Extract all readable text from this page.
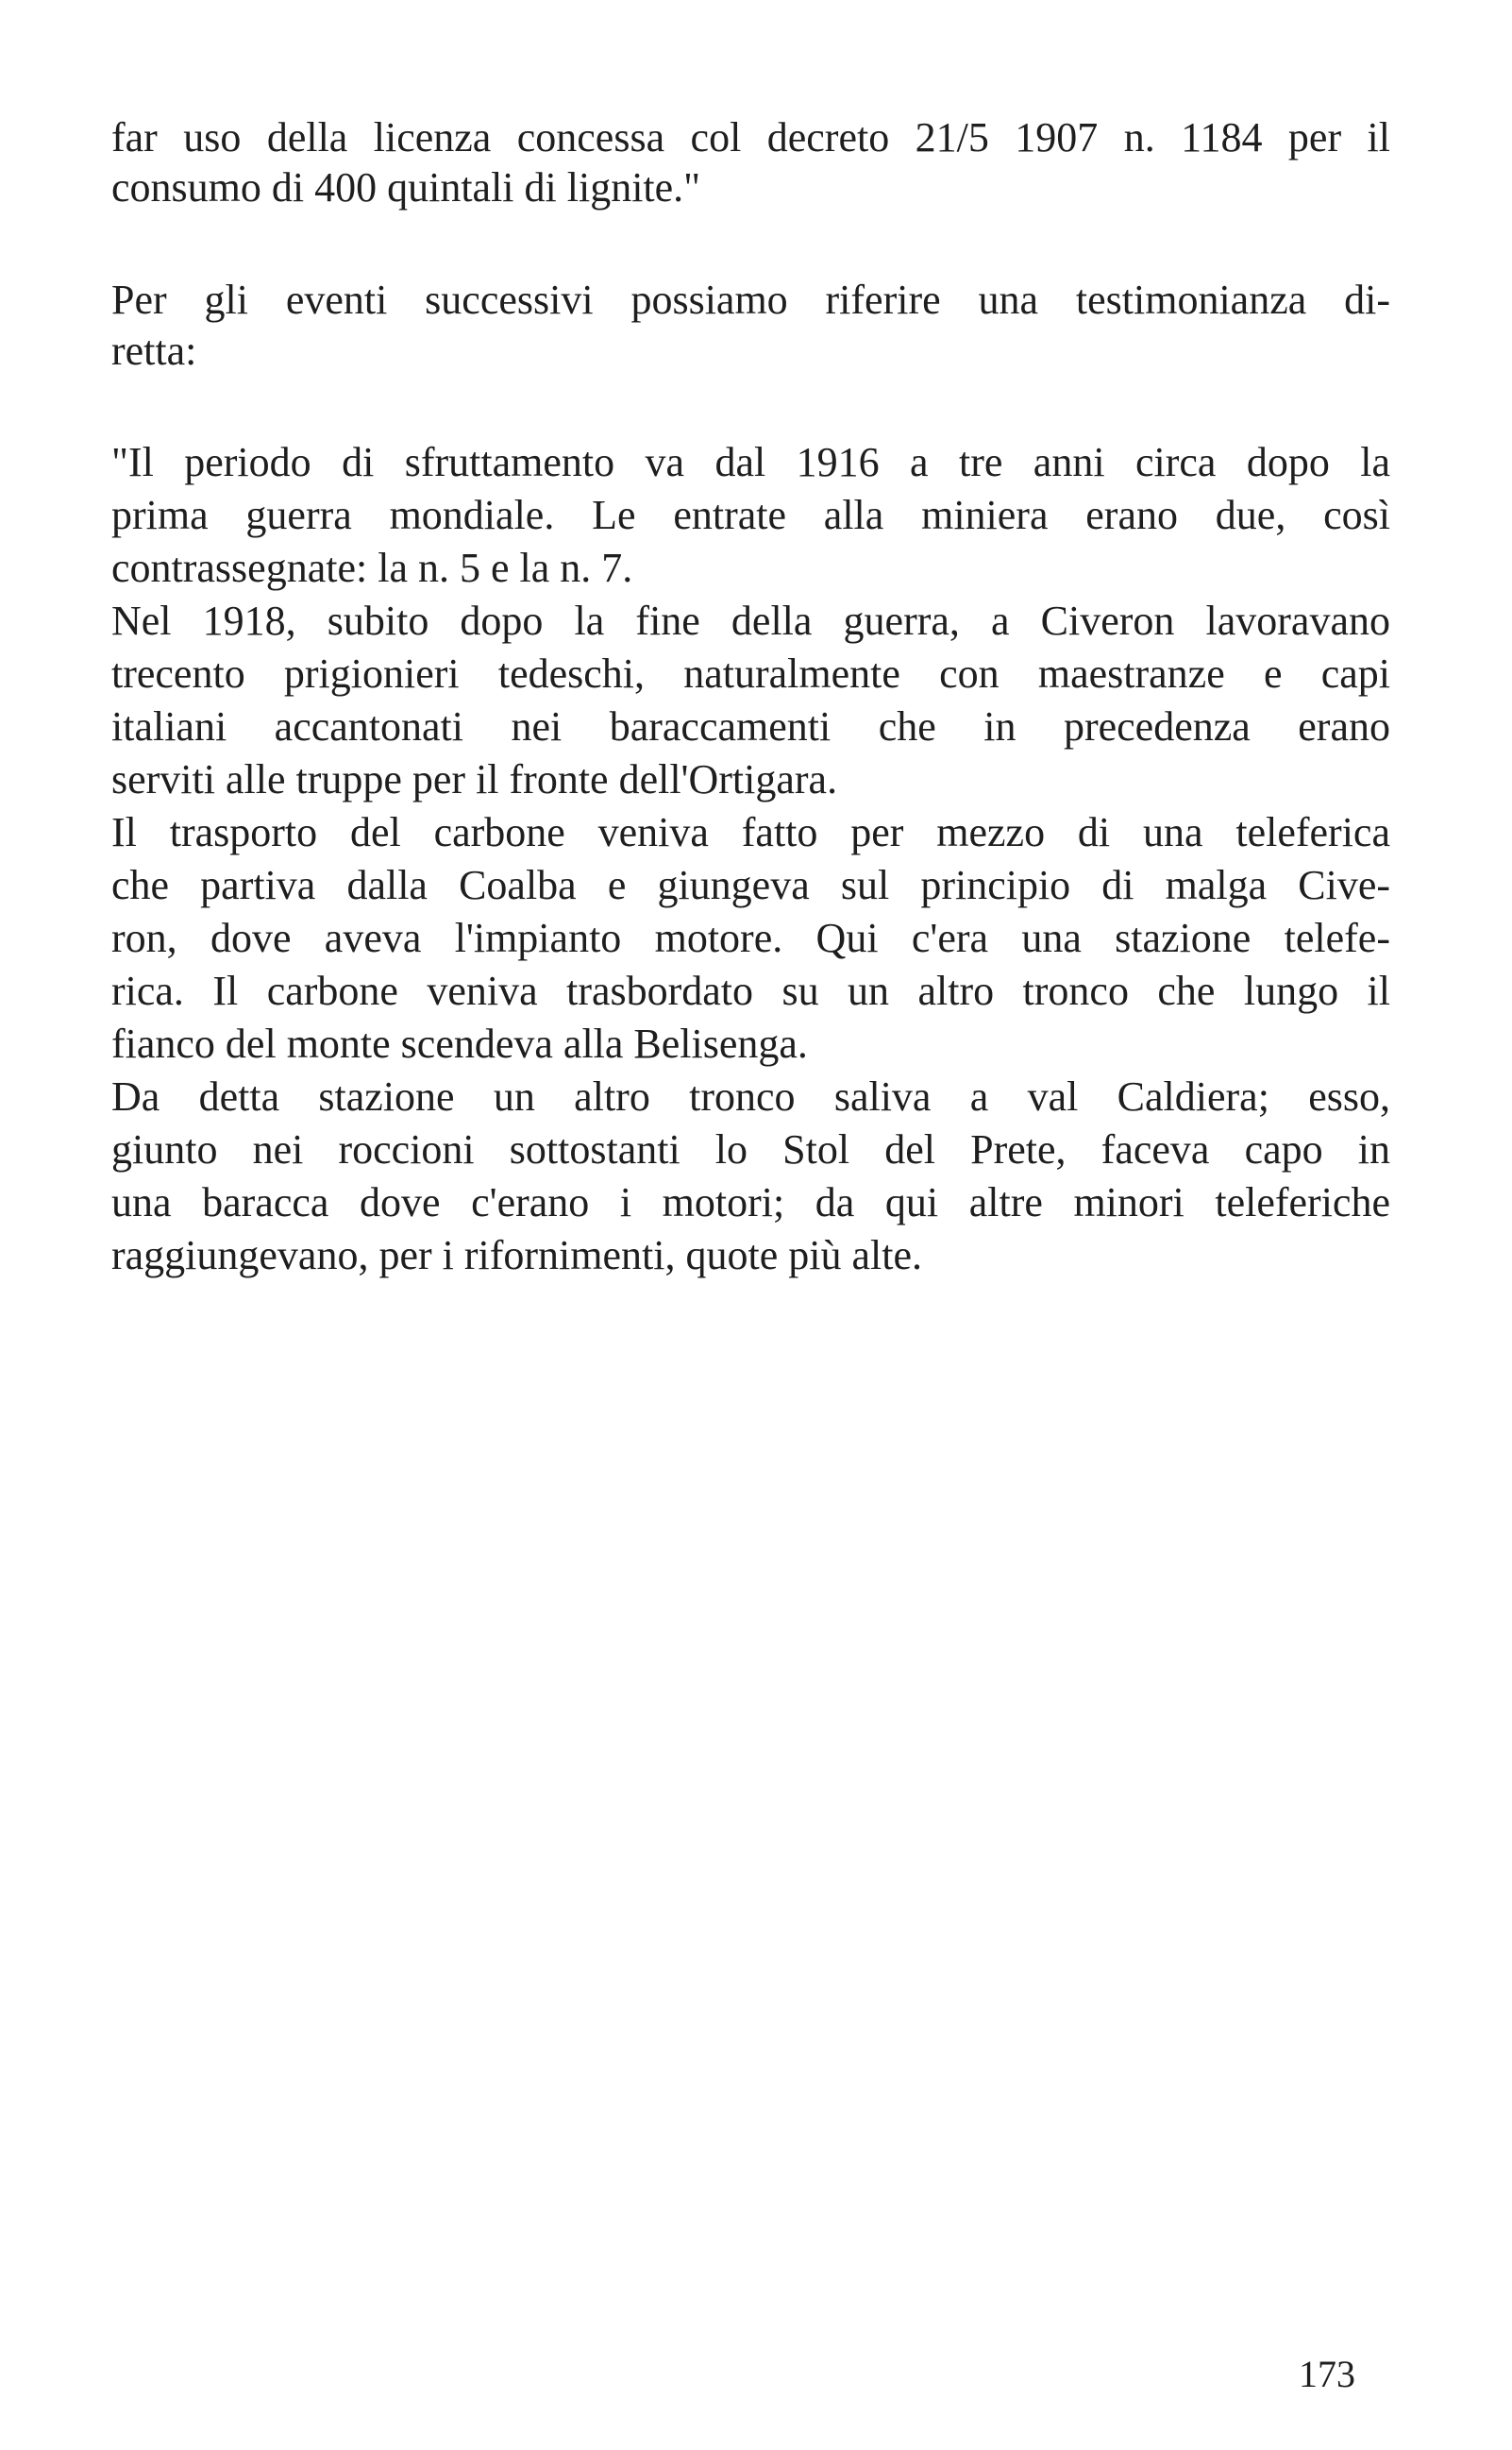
far uso della licenza concessa col decreto 21/5 1907 n. 1184 per il

consumo di 400 quintali di lignite."

Per gli eventi successivi possiamo riferire una testimonianza di-

retta:

"Il periodo di sfruttamento va dal 1916 a tre anni circa dopo la

prima guerra mondiale. Le entrate alla miniera erano due, così

contrassegnate: la n. 5 e la n. 7.

Nel 1918, subito dopo la fine della guerra, a Civeron lavoravano

trecento prigionieri tedeschi, naturalmente con maestranze e capi

italiani accantonati nei baraccamenti che in precedenza erano

serviti alle truppe per il fronte dell'Ortigara.

Il trasporto del carbone veniva fatto per mezzo di una teleferica

che partiva dalla Coalba e giungeva sul principio di malga Cive-

ron, dove aveva l'impianto motore. Qui c'era una stazione telefe-

rica. Il carbone veniva trasbordato su un altro tronco che lungo il

fianco del monte scendeva alla Belisenga.

Da detta stazione un altro tronco saliva a val Caldiera; esso,

giunto nei roccioni sottostanti lo Stol del Prete, faceva capo in

una baracca dove c'erano i motori; da qui altre minori teleferiche

raggiungevano, per i rifornimenti, quote più alte.

173
